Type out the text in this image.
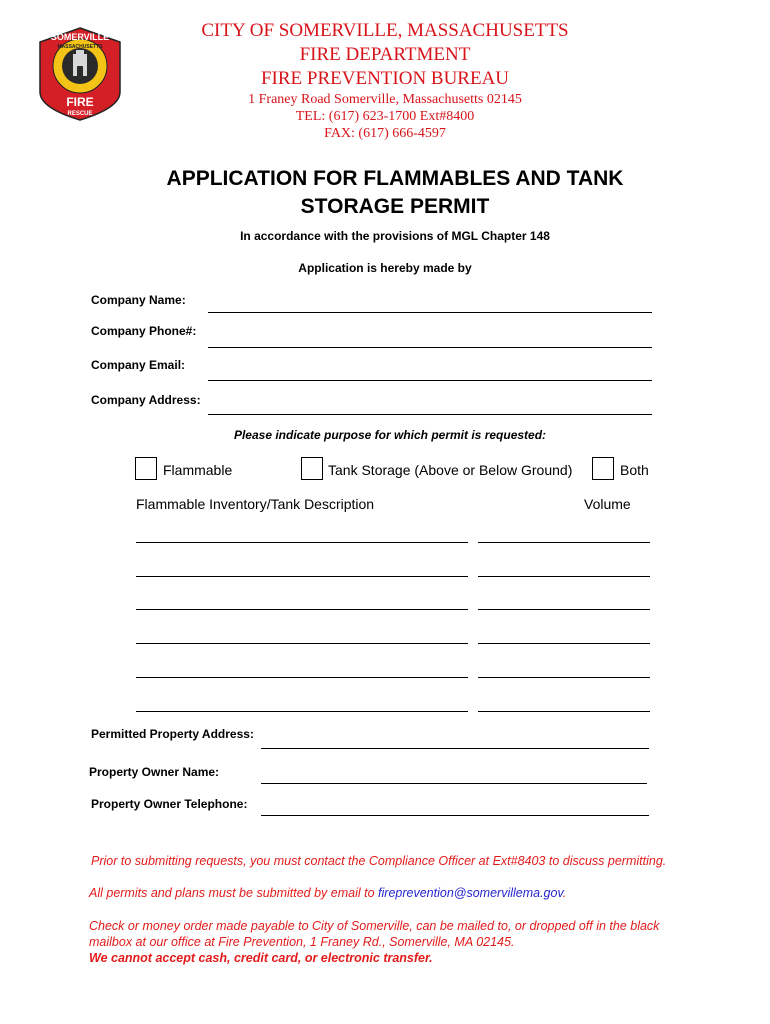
SOMERVILLE
MASSACHUSETTS
FIRE
RESCUE
CITY OF SOMERVILLE, MASSACHUSETTS
FIRE DEPARTMENT
FIRE PREVENTION BUREAU
1 Franey Road Somerville, Massachusetts 02145
TEL: (617) 623-1700 Ext#8400
FAX: (617) 666-4597
APPLICATION FOR FLAMMABLES AND TANK
STORAGE PERMIT
In accordance with the provisions of MGL Chapter 148
Application is hereby made by
Company Name:
Company Phone#:
Company Email:
Company Address:
Please indicate purpose for which permit is requested:
Flammable	Tank Storage (Above or Below Ground)	Both
Flammable Inventory/Tank Description	Volume
Permitted Property Address:
Property Owner Name:
Property Owner Telephone:
Prior to submitting requests, you must contact the Compliance Officer at Ext#8403 to discuss permitting.
All permits and plans must be submitted by email to fireprevention@somervillema.gov.
Check or money order made payable to City of Somerville, can be mailed to, or dropped off in the black
mailbox at our office at Fire Prevention, 1 Franey Rd., Somerville, MA 02145.
We cannot accept cash, credit card, or electronic transfer.
